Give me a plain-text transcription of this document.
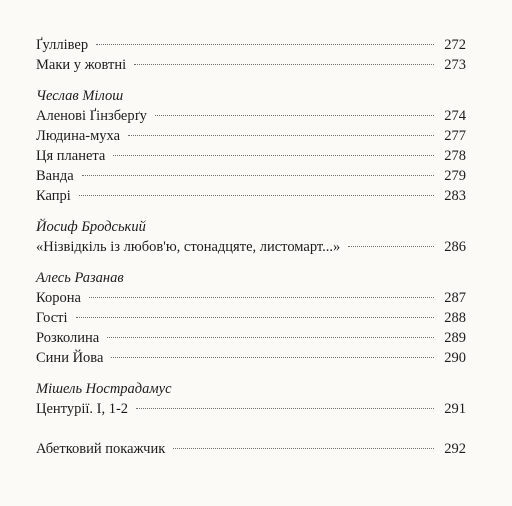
Ґуллівер	272
Маки у жовтні	273
Чеслав Мілош
Аленові Ґінзберґу	274
Людина-муха	277
Ця планета	278
Ванда	279
Капрі	283
Йосиф Бродський
«Нізвідкіль із любов'ю, стонадцяте, листомарт...»	286
Алесь Разанав
Корона	287
Гості	288
Розколина	289
Сини Йова	290
Мішель Нострадамус
Центурії. I, 1-2	291
Абетковий покажчик	292
